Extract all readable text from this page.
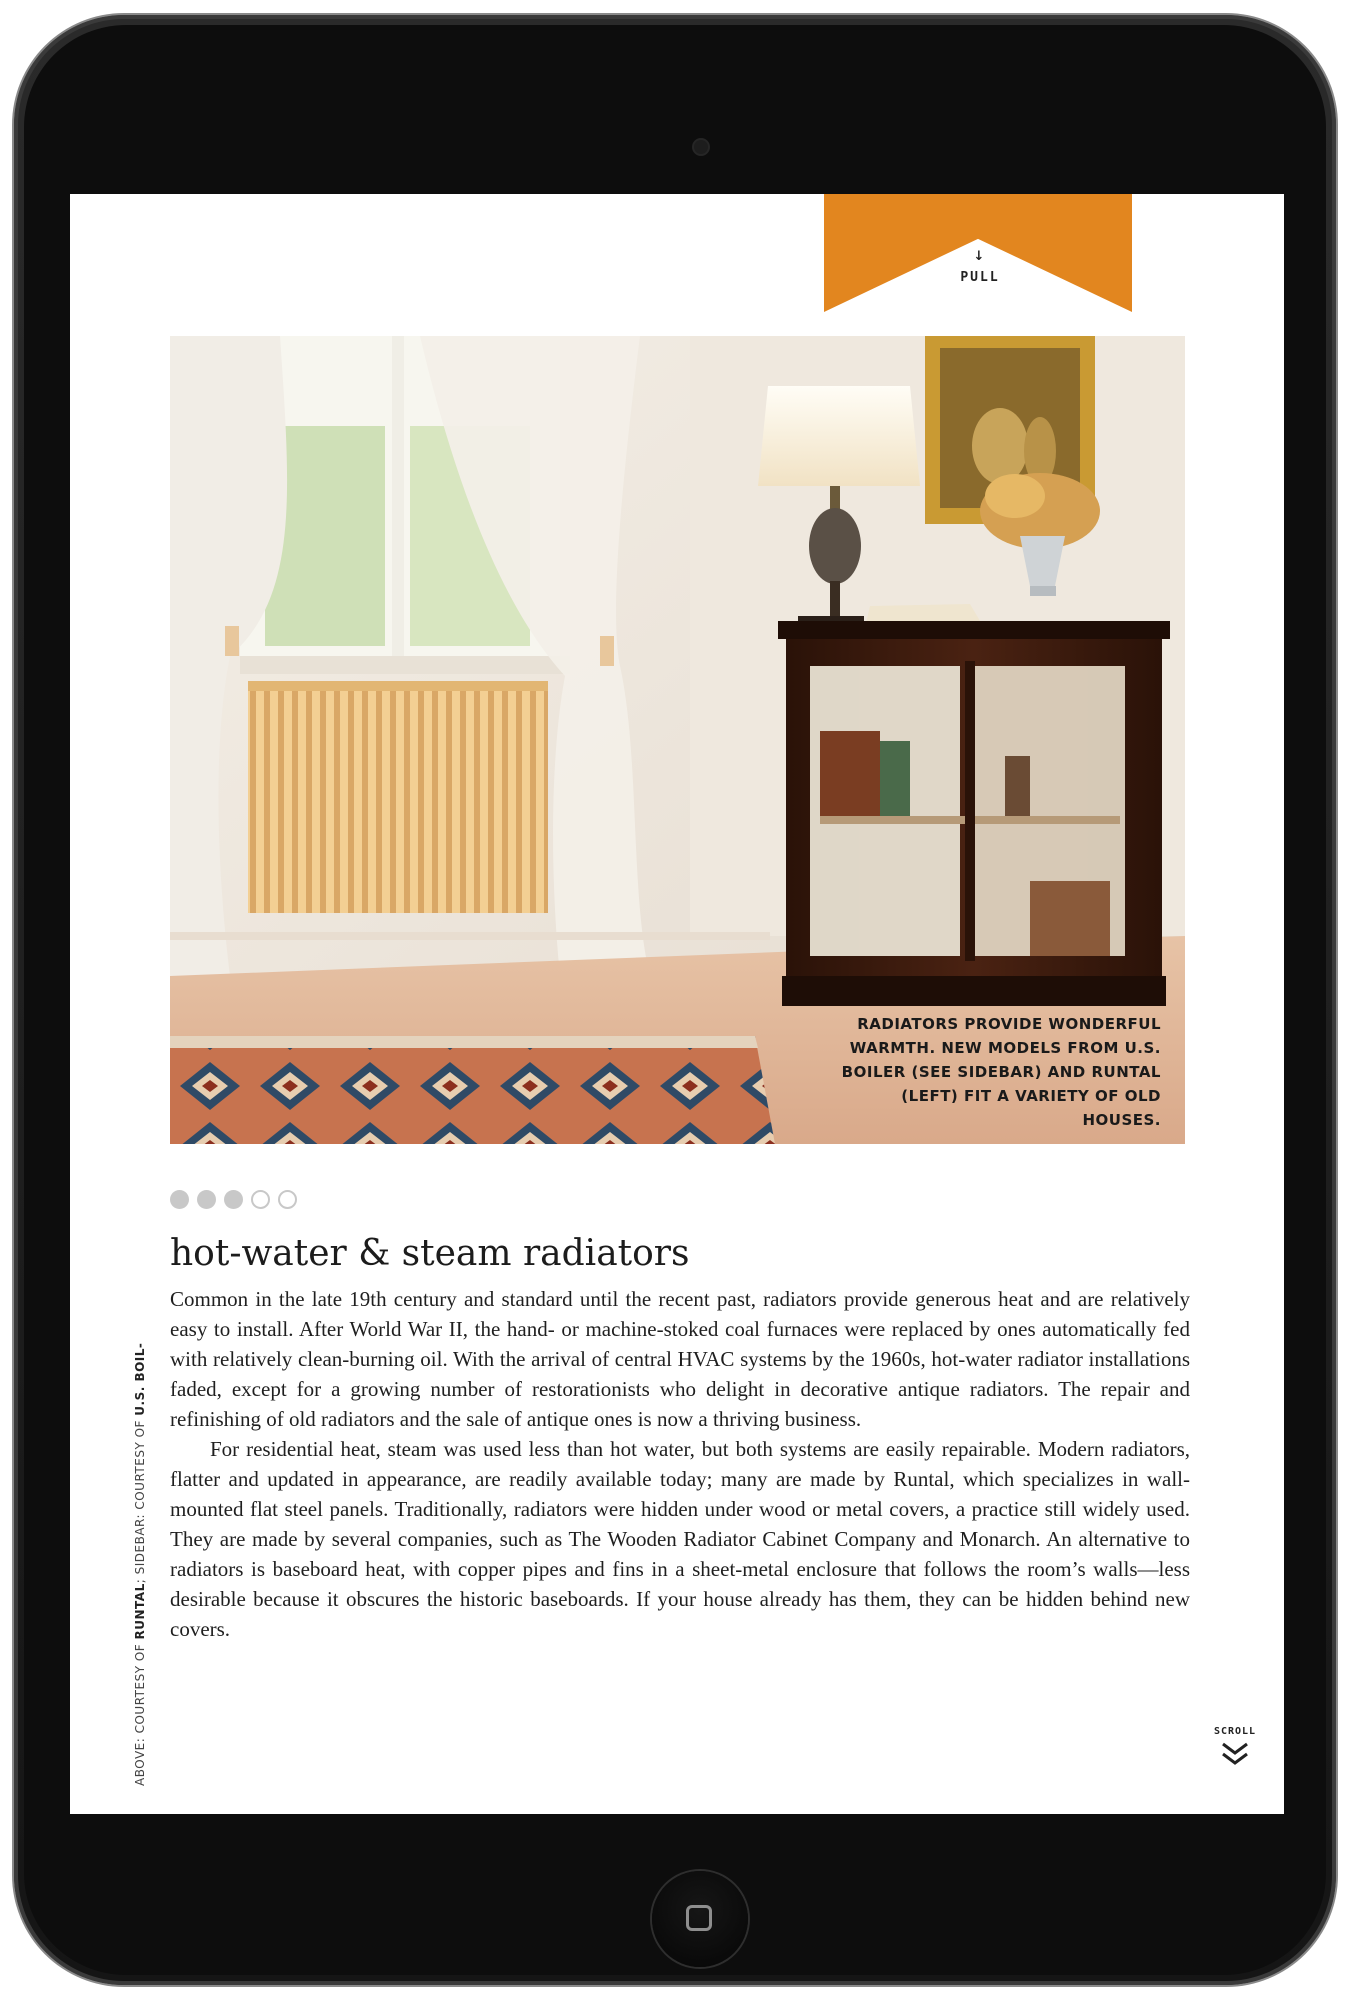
↓
PULL
RADIATORS PROVIDE WONDERFUL WARMTH. NEW MODELS FROM U.S. BOILER (SEE SIDEBAR) AND RUNTAL (LEFT) FIT A VARIETY OF OLD HOUSES.
ABOVE: COURTESY OF RUNTAL; SIDEBAR: COURTESY OF U.S. BOIL-
hot-water & steam radiators

Common in the late 19th century and standard until the recent past, radiators provide generous heat and are relatively easy to install. After World War II, the hand- or machine-stoked coal furnaces were replaced by ones automatically fed with relatively clean-burning oil. With the arrival of central HVAC systems by the 1960s, hot-water radiator installations faded, except for a growing number of restorationists who delight in decorative antique radiators. The repair and refinishing of old radiators and the sale of antique ones is now a thriving business.

For residential heat, steam was used less than hot water, but both systems are easily repairable. Modern radiators, flatter and updated in appearance, are readily available today; many are made by Runtal, which specializes in wall-mounted flat steel panels. Traditionally, radiators were hidden under wood or metal covers, a practice still widely used. They are made by several companies, such as The Wooden Radiator Cabinet Company and Monarch. An alternative to radiators is baseboard heat, with copper pipes and fins in a sheet-metal enclosure that follows the room’s walls—less desirable because it obscures the historic baseboards. If your house already has them, they can be hidden behind new covers.

SCROLL
